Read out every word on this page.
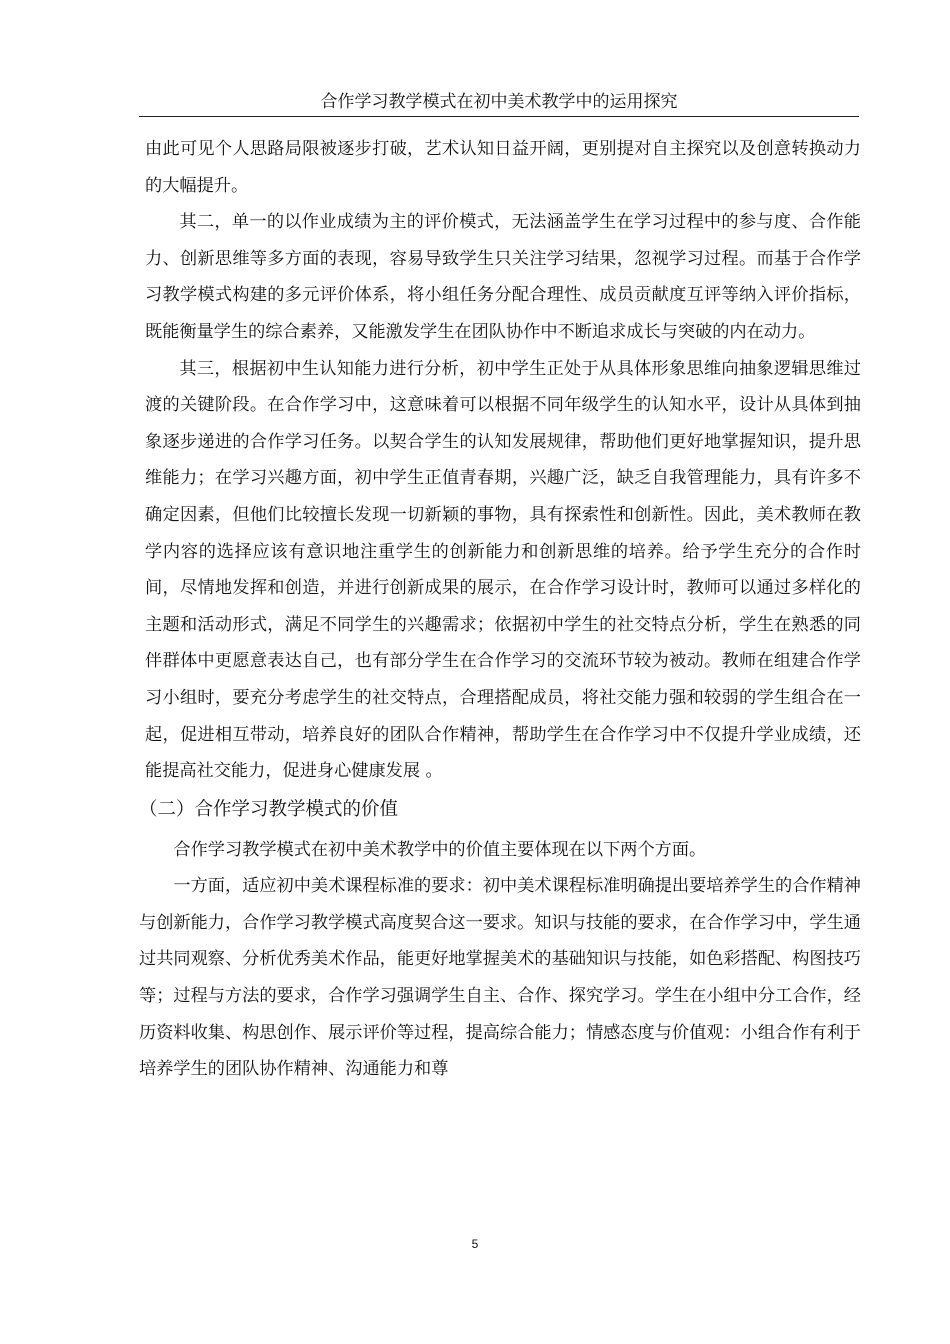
合作学习教学模式在初中美术教学中的运用探究

由此可见个人思路局限被逐步打破，艺术认知日益开阔，更别提对自主探究以及创意转换动力的大幅提升。

其二，单一的以作业成绩为主的评价模式，无法涵盖学生在学习过程中的参与度、合作能力、创新思维等多方面的表现，容易导致学生只关注学习结果，忽视学习过程。而基于合作学习教学模式构建的多元评价体系，将小组任务分配合理性、成员贡献度互评等纳入评价指标，既能衡量学生的综合素养，又能激发学生在团队协作中不断追求成长与突破的内在动力。

其三，根据初中生认知能力进行分析，初中学生正处于从具体形象思维向抽象逻辑思维过渡的关键阶段。在合作学习中，这意味着可以根据不同年级学生的认知水平，设计从具体到抽象逐步递进的合作学习任务。以契合学生的认知发展规律，帮助他们更好地掌握知识，提升思维能力；在学习兴趣方面，初中学生正值青春期，兴趣广泛，缺乏自我管理能力，具有许多不确定因素，但他们比较擅长发现一切新颖的事物，具有探索性和创新性。因此，美术教师在教学内容的选择应该有意识地注重学生的创新能力和创新思维的培养。给予学生充分的合作时间，尽情地发挥和创造，并进行创新成果的展示，在合作学习设计时，教师可以通过多样化的主题和活动形式，满足不同学生的兴趣需求；依据初中学生的社交特点分析，学生在熟悉的同伴群体中更愿意表达自己，也有部分学生在合作学习的交流环节较为被动。教师在组建合作学习小组时，要充分考虑学生的社交特点，合理搭配成员，将社交能力强和较弱的学生组合在一起，促进相互带动，培养良好的团队合作精神，帮助学生在合作学习中不仅提升学业成绩，还能提高社交能力，促进身心健康发展 。

（二）合作学习教学模式的价值

合作学习教学模式在初中美术教学中的价值主要体现在以下两个方面。

一方面，适应初中美术课程标准的要求：初中美术课程标准明确提出要培养学生的合作精神与创新能力，合作学习教学模式高度契合这一要求。知识与技能的要求，在合作学习中，学生通过共同观察、分析优秀美术作品，能更好地掌握美术的基础知识与技能，如色彩搭配、构图技巧等；过程与方法的要求，合作学习强调学生自主、合作、探究学习。学生在小组中分工合作，经历资料收集、构思创作、展示评价等过程，提高综合能力；情感态度与价值观：小组合作有利于培养学生的团队协作精神、沟通能力和尊

5
